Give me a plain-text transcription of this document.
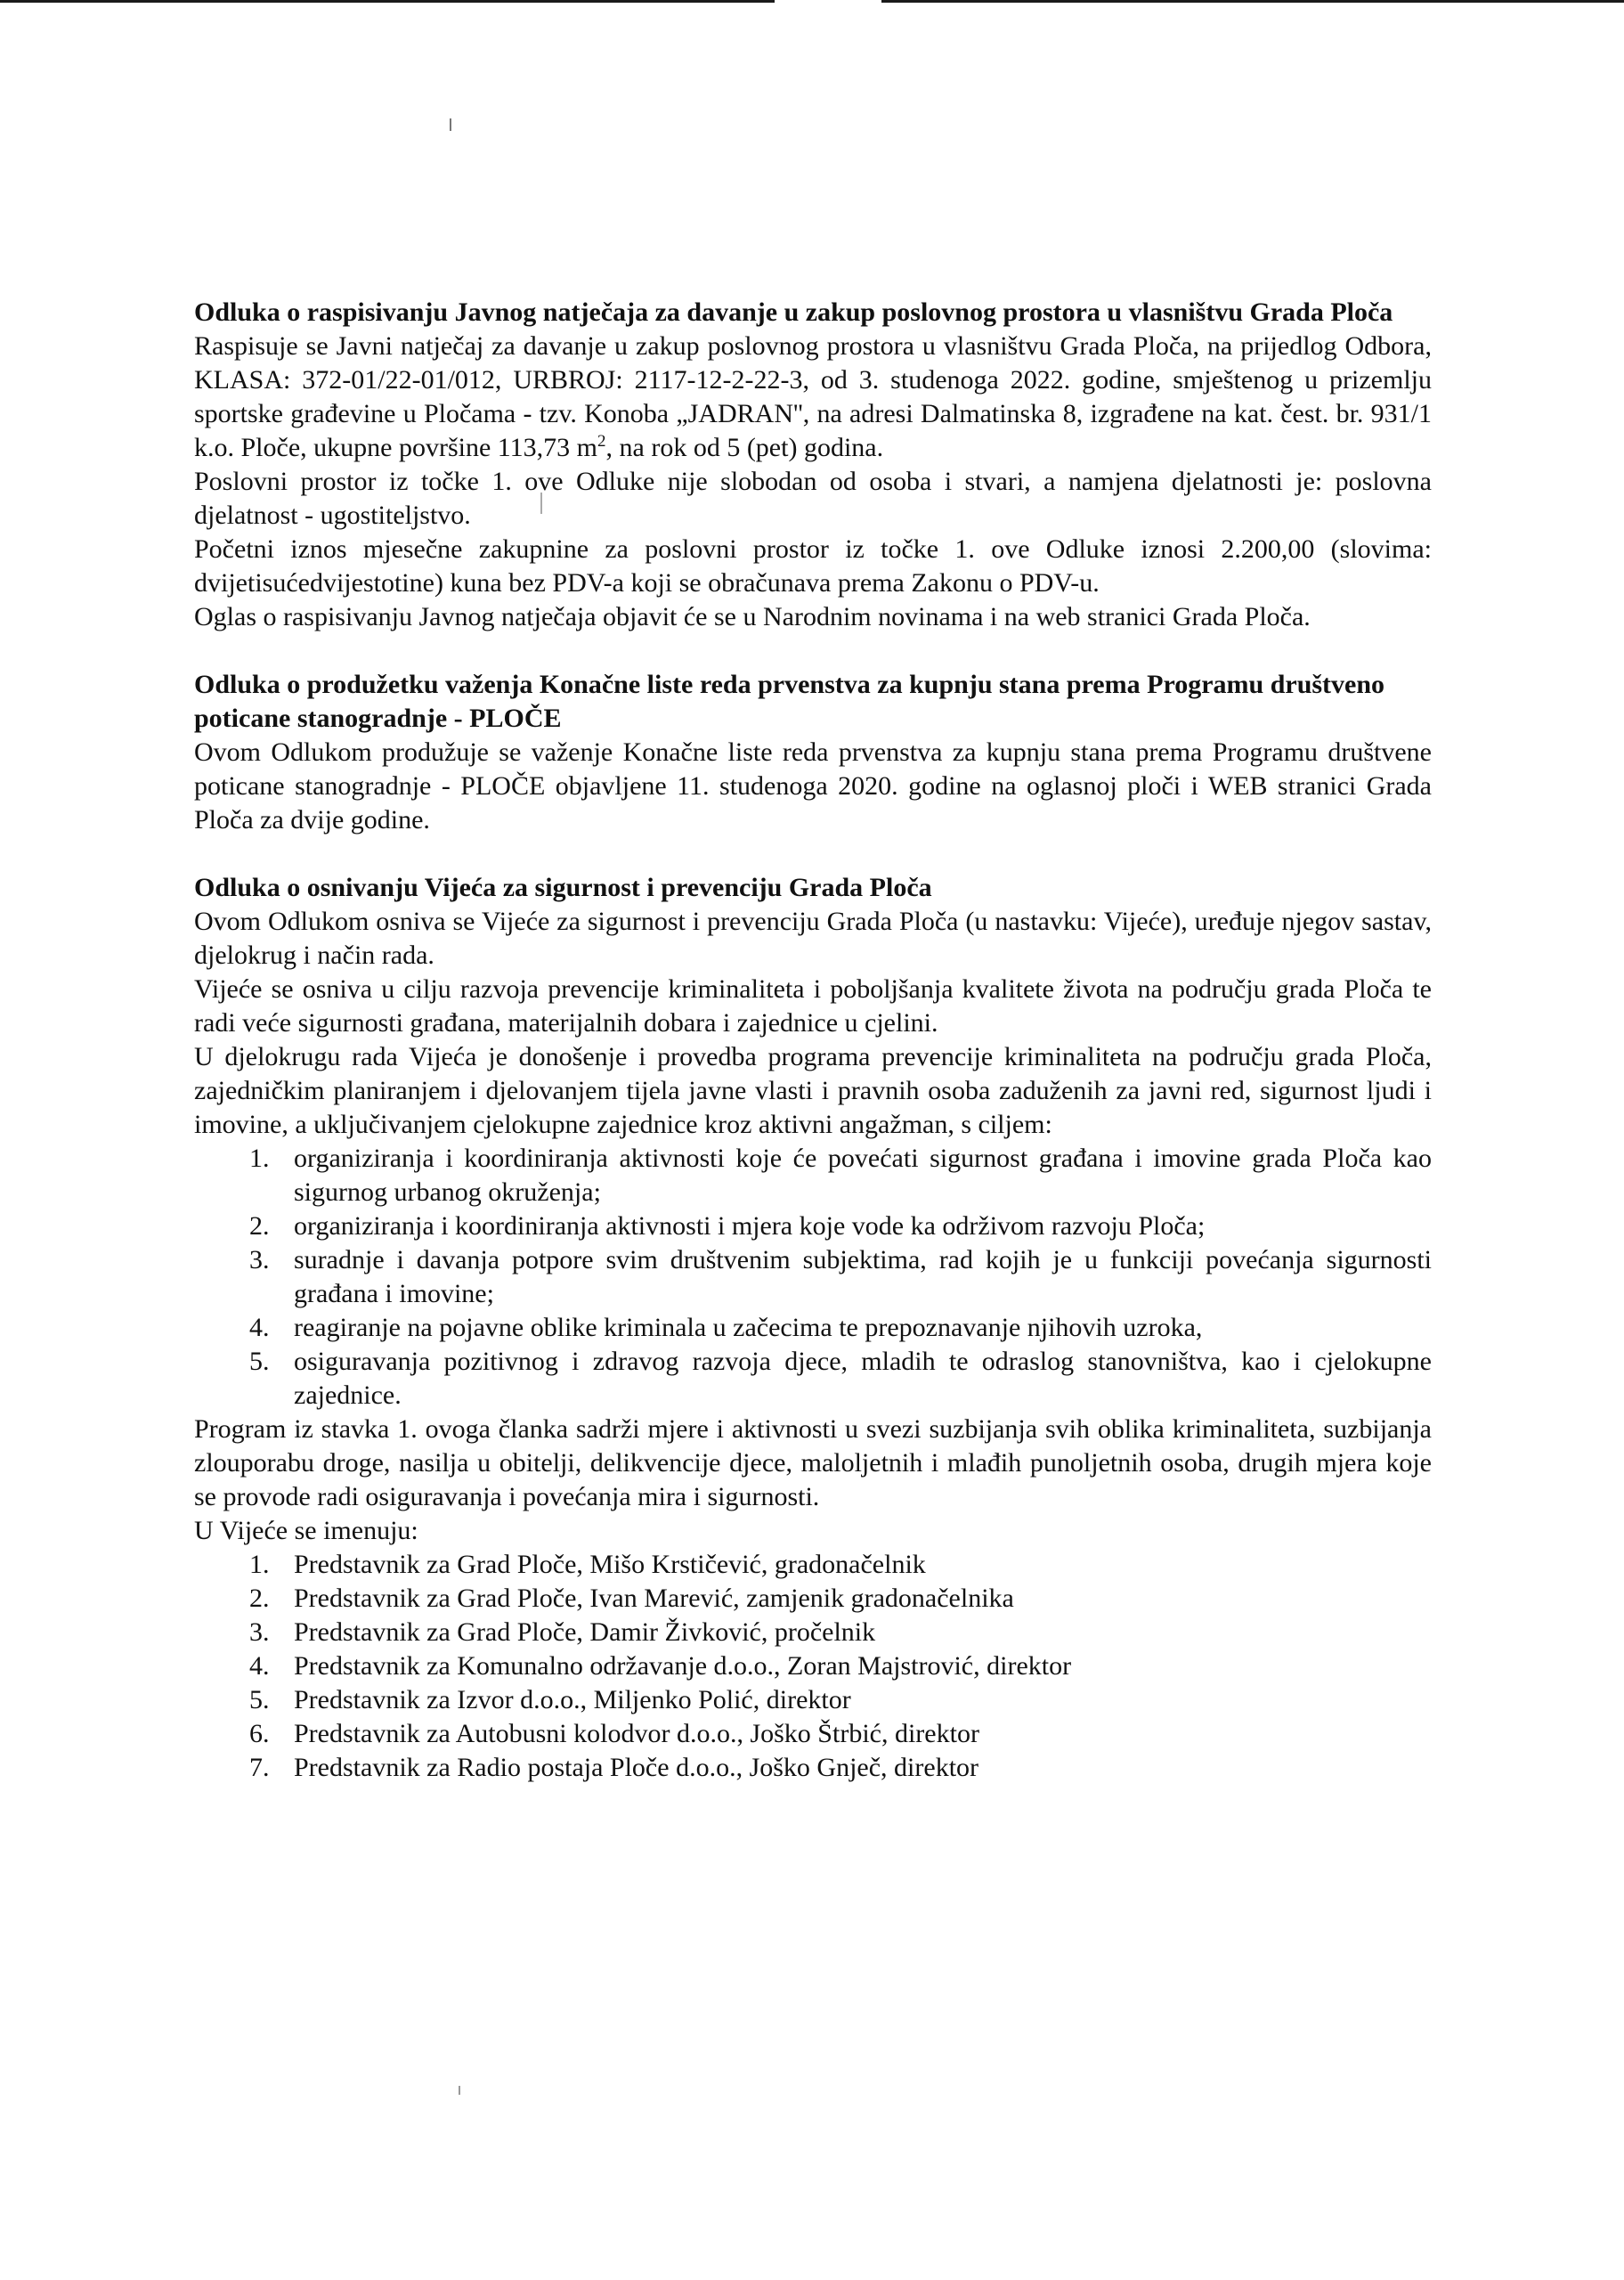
Odluka o raspisivanju Javnog natječaja za davanje u zakup poslovnog prostora u vlasništvu Grada Ploča

Raspisuje se Javni natječaj za davanje u zakup poslovnog prostora u vlasništvu Grada Ploča, na prijedlog Odbora, KLASA: 372-01/22-01/012, URBROJ: 2117-12-2-22-3, od 3. studenoga 2022. godine, smještenog u prizemlju sportske građevine u Pločama - tzv. Konoba „JADRAN'', na adresi Dalmatinska 8, izgrađene na kat. čest. br. 931/1 k.o. Ploče, ukupne površine 113,73 $m^2$, na rok od 5 (pet) godina.

Poslovni prostor iz točke 1. ove Odluke nije slobodan od osoba i stvari, a namjena djelatnosti je: poslovna djelatnost - ugostiteljstvo.

Početni iznos mjesečne zakupnine za poslovni prostor iz točke 1. ove Odluke iznosi 2.200,00 (slovima: dvijetisućedvijestotine) kuna bez PDV-a koji se obračunava prema Zakonu o PDV-u.

Oglas o raspisivanju Javnog natječaja objavit će se u Narodnim novinama i na web stranici Grada Ploča.

Odluka o produžetku važenja Konačne liste reda prvenstva za kupnju stana prema Programu društveno poticane stanogradnje - PLOČE

Ovom Odlukom produžuje se važenje Konačne liste reda prvenstva za kupnju stana prema Programu društvene poticane stanogradnje - PLOČE objavljene 11. studenoga 2020. godine na oglasnoj ploči i WEB stranici Grada Ploča za dvije godine.

Odluka o osnivanju Vijeća za sigurnost i prevenciju Grada Ploča

Ovom Odlukom osniva se Vijeće za sigurnost i prevenciju Grada Ploča (u nastavku: Vijeće), uređuje njegov sastav, djelokrug i način rada.

Vijeće se osniva u cilju razvoja prevencije kriminaliteta i poboljšanja kvalitete života na području grada Ploča te radi veće sigurnosti građana, materijalnih dobara i zajednice u cjelini.

U djelokrugu rada Vijeća je donošenje i provedba programa prevencije kriminaliteta na području grada Ploča, zajedničkim planiranjem i djelovanjem tijela javne vlasti i pravnih osoba zaduženih za javni red, sigurnost ljudi i imovine, a uključivanjem cjelokupne zajednice kroz aktivni angažman, s ciljem:

1. organiziranja i koordiniranja aktivnosti koje će povećati sigurnost građana i imovine grada Ploča kao sigurnog urbanog okruženja;
2. organiziranja i koordiniranja aktivnosti i mjera koje vode ka održivom razvoju Ploča;
3. suradnje i davanja potpore svim društvenim subjektima, rad kojih je u funkciji povećanja sigurnosti građana i imovine;
4. reagiranje na pojavne oblike kriminala u začecima te prepoznavanje njihovih uzroka,
5. osiguravanja pozitivnog i zdravog razvoja djece, mladih te odraslog stanovništva, kao i cjelokupne zajednice.

Program iz stavka 1. ovoga članka sadrži mjere i aktivnosti u svezi suzbijanja svih oblika kriminaliteta, suzbijanja zlouporabu droge, nasilja u obitelji, delikvencije djece, maloljetnih i mlađih punoljetnih osoba, drugih mjera koje se provode radi osiguravanja i povećanja mira i sigurnosti.

U Vijeće se imenuju:

1. Predstavnik za Grad Ploče, Mišo Krstičević, gradonačelnik
2. Predstavnik za Grad Ploče, Ivan Marević, zamjenik gradonačelnika
3. Predstavnik za Grad Ploče, Damir Živković, pročelnik
4. Predstavnik za Komunalno održavanje d.o.o., Zoran Majstrović, direktor
5. Predstavnik za Izvor d.o.o., Miljenko Polić, direktor
6. Predstavnik za Autobusni kolodvor d.o.o., Joško Štrbić, direktor
7. Predstavnik za Radio postaja Ploče d.o.o., Joško Gnječ, direktor
